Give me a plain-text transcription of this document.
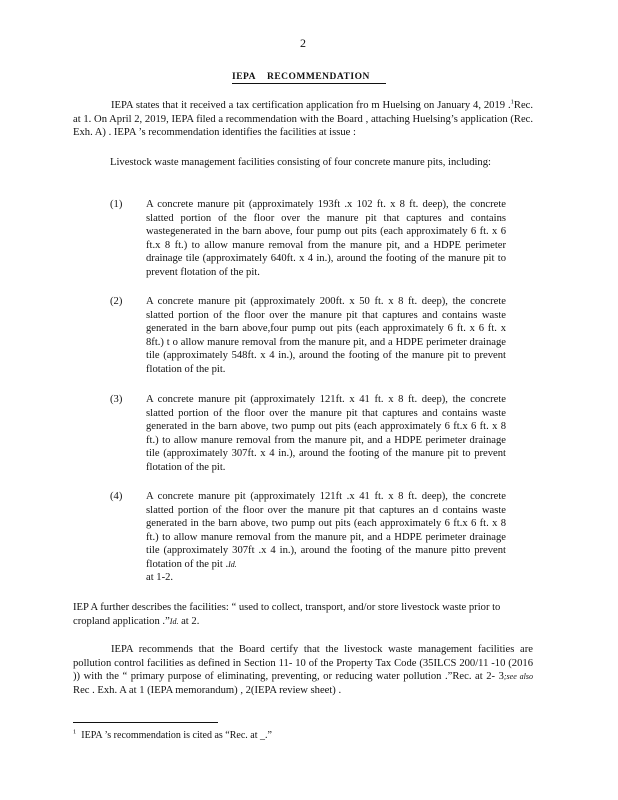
2
IEPA    RECOMMENDATION

IEPA states that it received a tax certification application fro m Huelsing on January 4, 2019 .$^1$Rec. at 1. On April 2, 2019, IEPA filed a recommendation with the Board , attaching Huelsing’s application (Rec. Exh. A) . IEPA ’s recommendation identifies the facilities at issue :

Livestock waste management facilities consisting of four concrete manure pits, including:

(1) A concrete manure pit (approximately 193ft .x 102 ft. x 8 ft. deep), the concrete slatted portion of the floor over the manure pit that captures and contains wastegenerated in the barn above, four pump out pits (each approximately 6 ft. x 6 ft.x 8 ft.) to allow manure removal from the manure pit, and a HDPE perimeter drainage tile (approximately 640ft. x 4 in.), around the footing of the manure pit to prevent flotation of the pit.

(2) A concrete manure pit (approximately 200ft. x 50 ft. x 8 ft. deep), the concrete slatted portion of the floor over the manure pit that captures and contains waste generated in the barn above,four pump out pits (each approximately 6 ft. x 6 ft. x 8ft.) t o allow manure removal from the manure pit, and a HDPE perimeter drainage tile (approximately 548ft. x 4 in.), around the footing of the manure pit to prevent flotation of the pit.

(3) A concrete manure pit (approximately 121ft. x 41 ft. x 8 ft. deep), the concrete slatted portion of the floor over the manure pit that captures and contains waste generated in the barn above, two pump out pits (each approximately 6 ft.x 6 ft. x 8 ft.) to allow manure removal from the manure pit, and a HDPE perimeter drainage tile (approximately 307ft. x 4 in.), around the footing of the manure pit to prevent flotation of the pit.

(4) A concrete manure pit (approximately 121ft .x 41 ft. x 8 ft. deep), the concrete slatted portion of the floor over the manure pit that captures an d contains waste generated in the barn above, two pump out pits (each approximately 6 ft.x 6 ft. x 8 ft.) to allow manure removal from the manure pit, and a HDPE perimeter drainage tile (approximately 307ft .x 4 in.), around the footing of the manure pitto prevent flotation of the pit .Id.
at 1-2.

IEP A further describes the facilities: “ used to collect, transport, and/or store livestock waste prior to cropland application .”Id. at 2.

IEPA recommends that the Board certify that the livestock waste management facilities are pollution control facilities as defined in Section 11- 10 of the Property Tax Code (35ILCS 200/11 -10 (2016 )) with the “ primary purpose of eliminating, preventing, or reducing water pollution .”Rec. at 2- 3;see also Rec . Exh. A at 1 (IEPA memorandum) , 2(IEPA review sheet) .

$^1$ IEPA ’s recommendation is cited as “Rec. at _.”
